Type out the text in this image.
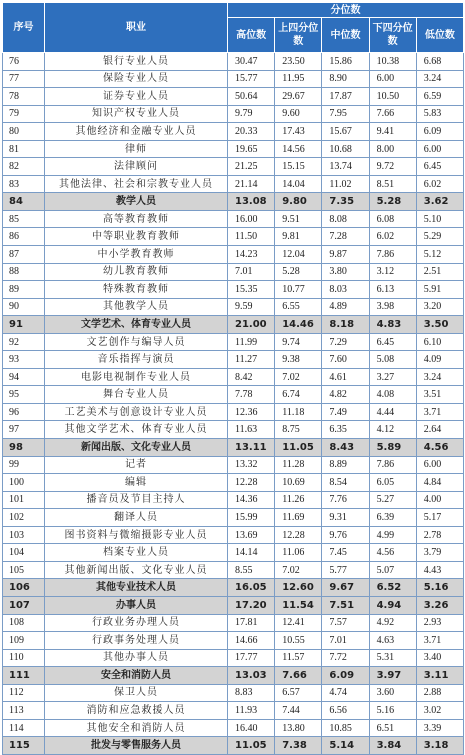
序号	职业	分位数				
		高位数	上四分位数	中位数	下四分位数	低位数
76	银行专业人员	30.47	23.50	15.86	10.38	6.68
77	保险专业人员	15.77	11.95	8.90	6.00	3.24
78	证券专业人员	50.64	29.67	17.87	10.50	6.59
79	知识产权专业人员	9.79	9.60	7.95	7.66	5.83
80	其他经济和金融专业人员	20.33	17.43	15.67	9.41	6.09
81	律师	19.65	14.56	10.68	8.00	6.00
82	法律顾问	21.25	15.15	13.74	9.72	6.45
83	其他法律、社会和宗教专业人员	21.14	14.04	11.02	8.51	6.02
84	教学人员	13.08	9.80	7.35	5.28	3.62
85	高等教育教师	16.00	9.51	8.08	6.08	5.10
86	中等职业教育教师	11.50	9.81	7.28	6.02	5.29
87	中小学教育教师	14.23	12.04	9.87	7.86	5.12
88	幼儿教育教师	7.01	5.28	3.80	3.12	2.51
89	特殊教育教师	15.35	10.77	8.03	6.13	5.91
90	其他教学人员	9.59	6.55	4.89	3.98	3.20
91	文学艺术、体育专业人员	21.00	14.46	8.18	4.83	3.50
92	文艺创作与编导人员	11.99	9.74	7.29	6.45	6.10
93	音乐指挥与演员	11.27	9.38	7.60	5.08	4.09
94	电影电视制作专业人员	8.42	7.02	4.61	3.27	3.24
95	舞台专业人员	7.78	6.74	4.82	4.08	3.51
96	工艺美术与创意设计专业人员	12.36	11.18	7.49	4.44	3.71
97	其他文学艺术、体育专业人员	11.63	8.75	6.35	4.12	2.64
98	新闻出版、文化专业人员	13.11	11.05	8.43	5.89	4.56
99	记者	13.32	11.28	8.89	7.86	6.00
100	编辑	12.28	10.69	8.54	6.05	4.84
101	播音员及节目主持人	14.36	11.26	7.76	5.27	4.00
102	翻译人员	15.99	11.69	9.31	6.39	5.17
103	图书资料与微缩摄影专业人员	13.69	12.28	9.76	4.99	2.78
104	档案专业人员	14.14	11.06	7.45	4.56	3.79
105	其他新闻出版、文化专业人员	8.55	7.02	5.77	5.07	4.43
106	其他专业技术人员	16.05	12.60	9.67	6.52	5.16
107	办事人员	17.20	11.54	7.51	4.94	3.26
108	行政业务办理人员	17.81	12.41	7.57	4.92	2.93
109	行政事务处理人员	14.66	10.55	7.01	4.63	3.71
110	其他办事人员	17.77	11.57	7.72	5.31	3.40
111	安全和消防人员	13.03	7.66	6.09	3.97	3.11
112	保卫人员	8.83	6.57	4.74	3.60	2.88
113	消防和应急救援人员	11.93	7.44	6.56	5.16	3.02
114	其他安全和消防人员	16.40	13.80	10.85	6.51	3.39
115	批发与零售服务人员	11.05	7.38	5.14	3.84	3.18
